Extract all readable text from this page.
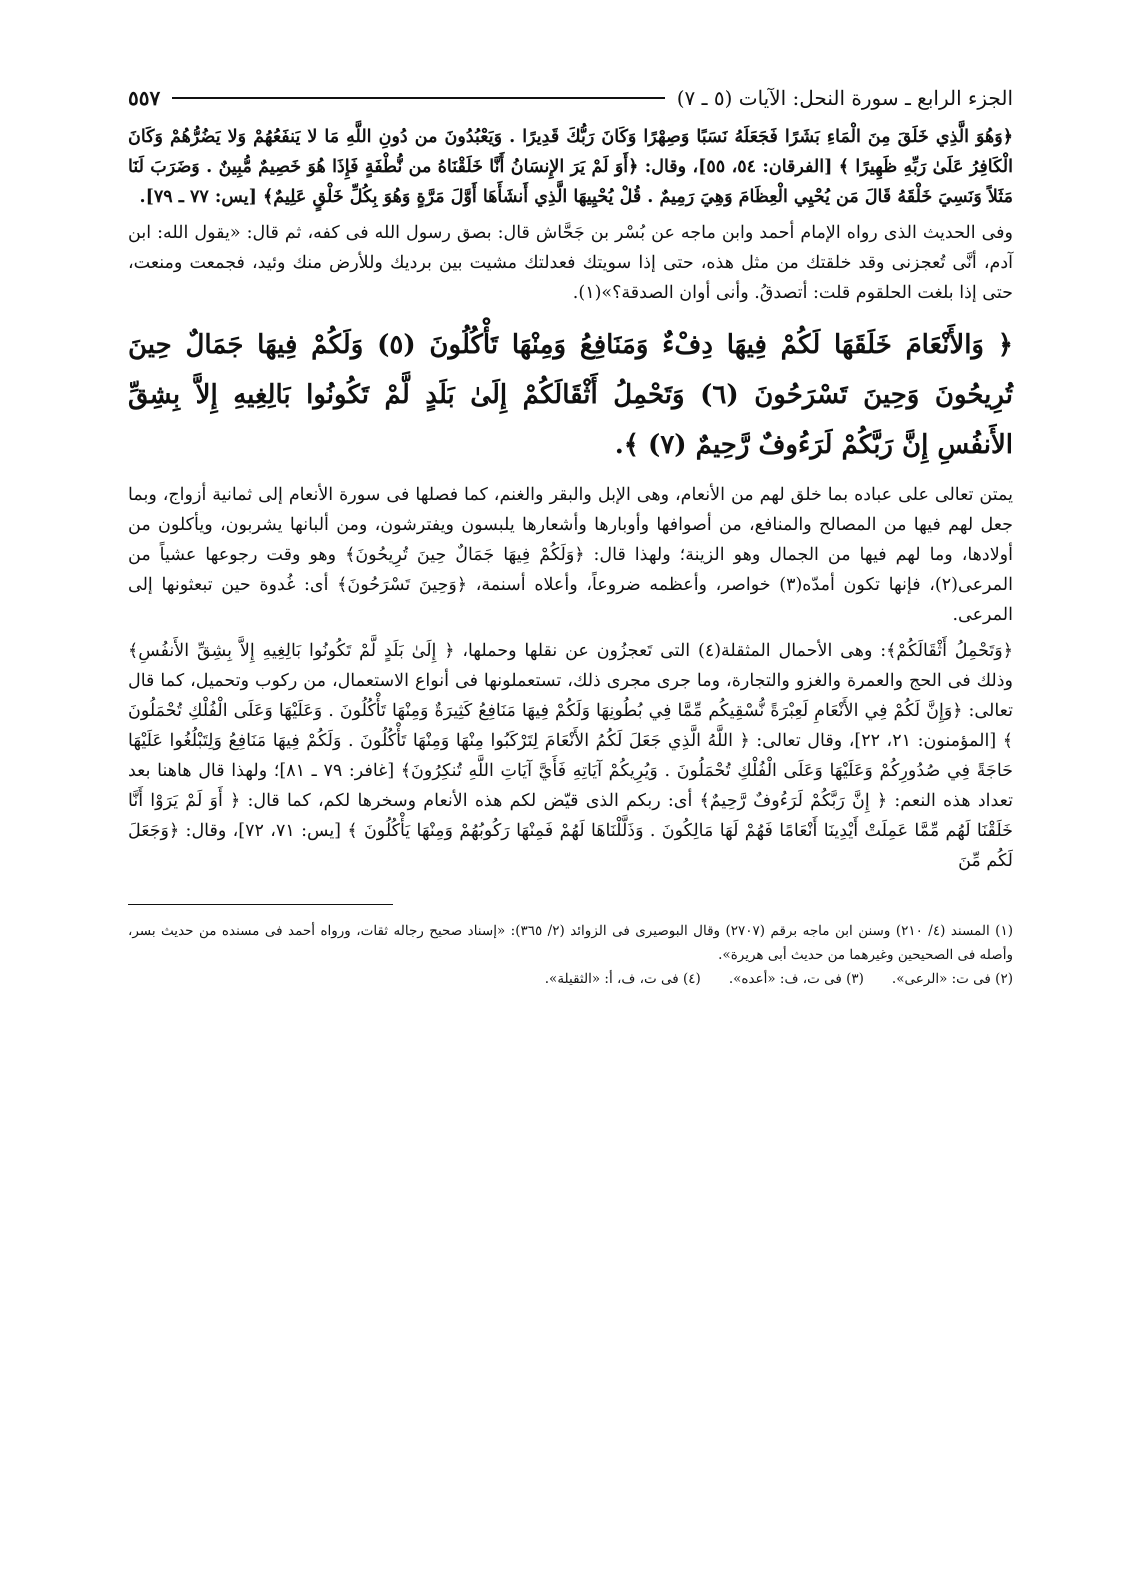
الجزء الرابع ـ سورة النحل: الآيات (٥ ـ ٧)
٥٥٧

﴿وَهُوَ الَّذِي خَلَقَ مِنَ الْمَاءِ بَشَرًا فَجَعَلَهُ نَسَبًا وَصِهْرًا وَكَانَ رَبُّكَ قَدِيرًا . وَيَعْبُدُونَ من دُونِ اللَّهِ مَا لا يَنفَعُهُمْ وَلا يَضُرُّهُمْ وَكَانَ الْكَافِرُ عَلَىٰ رَبِّهِ ظَهِيرًا ﴾ [الفرقان: ٥٤، ٥٥]، وقال: ﴿أَوَ لَمْ يَرَ الإِنسَانُ أَنَّا خَلَقْنَاهُ من نُّطْفَةٍ فَإِذَا هُوَ خَصِيمٌ مُّبِينٌ . وَضَرَبَ لَنَا مَثَلاً وَنَسِيَ خَلْقَهُ قَالَ مَن يُحْيِي الْعِظَامَ وَهِيَ رَمِيمٌ . قُلْ يُحْيِيهَا الَّذِي أَنشَأَهَا أَوَّلَ مَرَّةٍ وَهُوَ بِكُلِّ خَلْقٍ عَلِيمٌ﴾ [يس: ٧٧ ـ ٧٩].

وفى الحديث الذى رواه الإمام أحمد وابن ماجه عن بُسْر بن جَحَّاش قال: بصق رسول الله فى كفه، ثم قال: «يقول الله: ابن آدم، أنَّى تُعجزنى وقد خلقتك من مثل هذه، حتى إذا سويتك فعدلتك مشيت بين برديك وللأرض منك وئيد، فجمعت ومنعت، حتى إذا بلغت الحلقوم قلت: أتصدقُ. وأنى أوان الصدقة؟»(١).

﴿ وَالأَنْعَامَ خَلَقَهَا لَكُمْ فِيهَا دِفْءٌ وَمَنَافِعُ وَمِنْهَا تَأْكُلُونَ (٥) وَلَكُمْ فِيهَا جَمَالٌ حِينَ تُرِيحُونَ وَحِينَ تَسْرَحُونَ (٦) وَتَحْمِلُ أَثْقَالَكُمْ إِلَىٰ بَلَدٍ لَّمْ تَكُونُوا بَالِغِيهِ إِلاَّ بِشِقِّ الأَنفُسِ إِنَّ رَبَّكُمْ لَرَءُوفٌ رَّحِيمٌ (٧) ﴾.

يمتن تعالى على عباده بما خلق لهم من الأنعام، وهى الإبل والبقر والغنم، كما فصلها فى سورة الأنعام إلى ثمانية أزواج، وبما جعل لهم فيها من المصالح والمنافع، من أصوافها وأوبارها وأشعارها يلبسون ويفترشون، ومن ألبانها يشربون، ويأكلون من أولادها، وما لهم فيها من الجمال وهو الزينة؛ ولهذا قال: ﴿وَلَكُمْ فِيهَا جَمَالٌ حِينَ تُرِيحُونَ﴾ وهو وقت رجوعها عشياً من المرعى(٢)، فإنها تكون أمدّه(٣) خواصر، وأعظمه ضروعاً، وأعلاه أسنمة، ﴿وَحِينَ تَسْرَحُونَ﴾ أى: غُدوة حين تبعثونها إلى المرعى.

﴿وَتَحْمِلُ أَثْقَالَكُمْ﴾: وهى الأحمال المثقلة(٤) التى تَعجزُون عن نقلها وحملها، ﴿ إِلَىٰ بَلَدٍ لَّمْ تَكُونُوا بَالِغِيهِ إِلاَّ بِشِقِّ الأَنفُسِ﴾ وذلك فى الحج والعمرة والغزو والتجارة، وما جرى مجرى ذلك، تستعملونها فى أنواع الاستعمال، من ركوب وتحميل، كما قال تعالى: ﴿وَإِنَّ لَكُمْ فِي الأَنْعَامِ لَعِبْرَةً نُّسْقِيكُم مِّمَّا فِي بُطُونِهَا وَلَكُمْ فِيهَا مَنَافِعُ كَثِيرَةٌ وَمِنْهَا تَأْكُلُونَ . وَعَلَيْهَا وَعَلَى الْفُلْكِ تُحْمَلُونَ ﴾ [المؤمنون: ٢١، ٢٢]، وقال تعالى: ﴿ اللَّهُ الَّذِي جَعَلَ لَكُمُ الأَنْعَامَ لِتَرْكَبُوا مِنْهَا وَمِنْهَا تَأْكُلُونَ . وَلَكُمْ فِيهَا مَنَافِعُ وَلِتَبْلُغُوا عَلَيْهَا حَاجَةً فِي صُدُورِكُمْ وَعَلَيْهَا وَعَلَى الْفُلْكِ تُحْمَلُونَ . وَيُرِيكُمْ آيَاتِهِ فَأَيَّ آيَاتِ اللَّهِ تُنكِرُونَ﴾ [غافر: ٧٩ ـ ٨١]؛ ولهذا قال هاهنا بعد تعداد هذه النعم: ﴿ إِنَّ رَبَّكُمْ لَرَءُوفٌ رَّحِيمٌ﴾ أى: ربكم الذى قيّض لكم هذه الأنعام وسخرها لكم، كما قال: ﴿ أَوَ لَمْ يَرَوْا أَنَّا خَلَقْنَا لَهُم مِّمَّا عَمِلَتْ أَيْدِينَا أَنْعَامًا فَهُمْ لَهَا مَالِكُونَ . وَذَلَّلْنَاهَا لَهُمْ فَمِنْهَا رَكُوبُهُمْ وَمِنْهَا يَأْكُلُونَ ﴾ [يس: ٧١، ٧٢]، وقال: ﴿وَجَعَلَ لَكُم مِّنَ

(١) المسند (٤/ ٢١٠) وسنن ابن ماجه برقم (٢٧٠٧) وقال البوصيرى فى الزوائد (٢/ ٣٦٥): «إسناد صحيح رجاله ثقات، ورواه أحمد فى مسنده من حديث بسر، وأصله فى الصحيحين وغيرهما من حديث أبى هريرة».

(٢) فى ت: «الرعى».
(٣) فى ت، ف: «أعده».
(٤) فى ت، ف، أ: «الثقيلة».
